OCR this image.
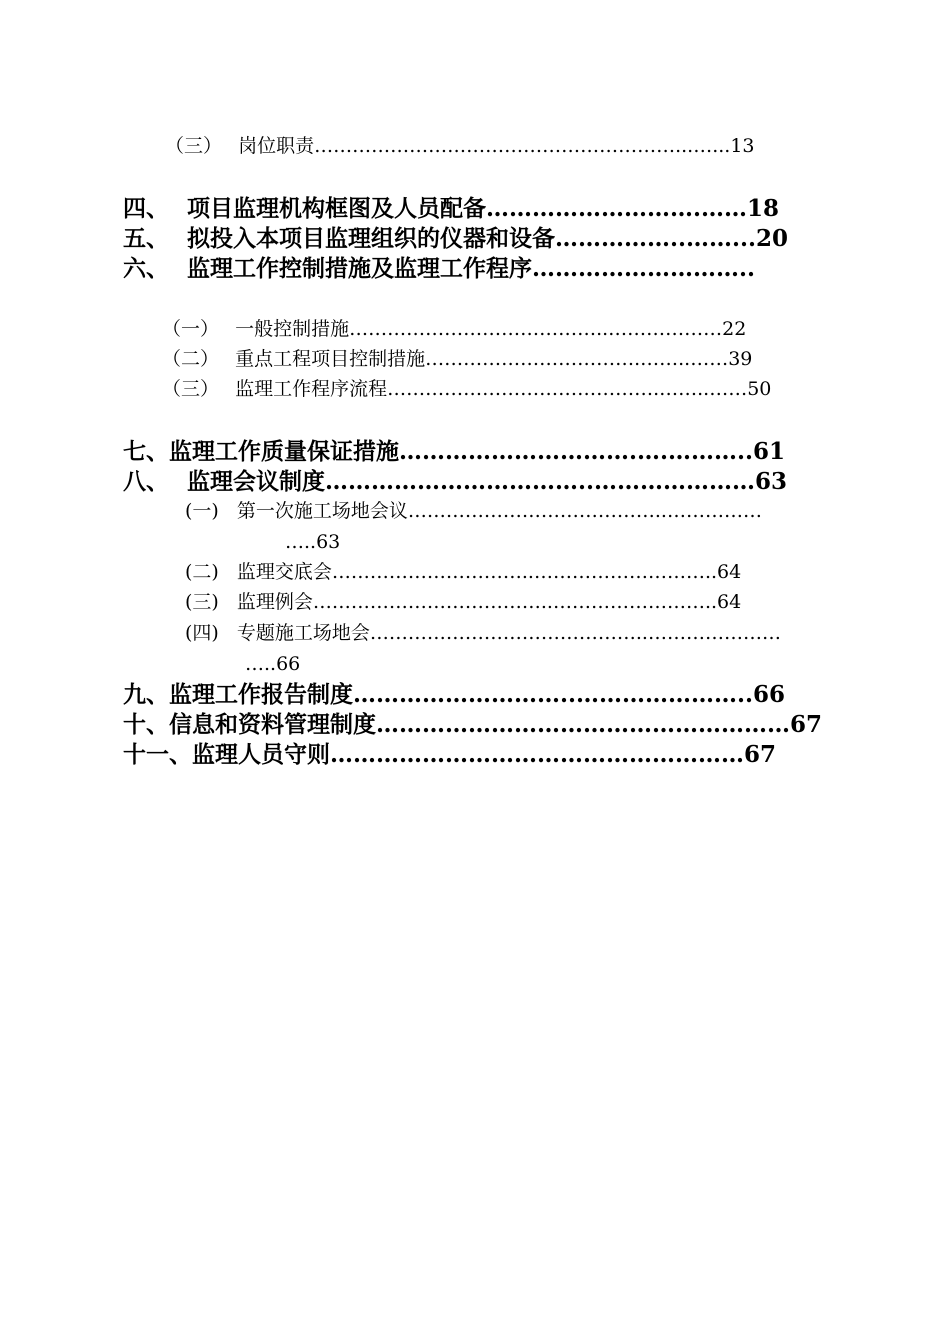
（三） 岗位职责…………………………………………………...…...13
四、 项目监理机构框图及人员配备……………………….……18
五、 拟投入本项目监理组织的仪器和设备……………..……...20
六、 监理工作控制措施及监理工作程序………………………..
（一） 一般控制措施…………………………………..………………22
（二） 重点工程项目控制措施…………………………….……..……39
（三） 监理工作程序流程…………………………………….……..……50
七、监理工作质量保证措施………………………….….………..61
八、 监理会议制度……………………………..…………………63
(一) 第一次施工场地会议…………………………………..……………
…..63
(二) 监理交底会…………………………..………………………..64
(三) 监理例会………………………………..……………………..64
(四) 专题施工场地会……………………………………..…………………
…..66
九、监理工作报告制度………………………..…………………..66
十、信息和资料管理制度………………………………………………67
十一、监理人员守则………………………………………………67
